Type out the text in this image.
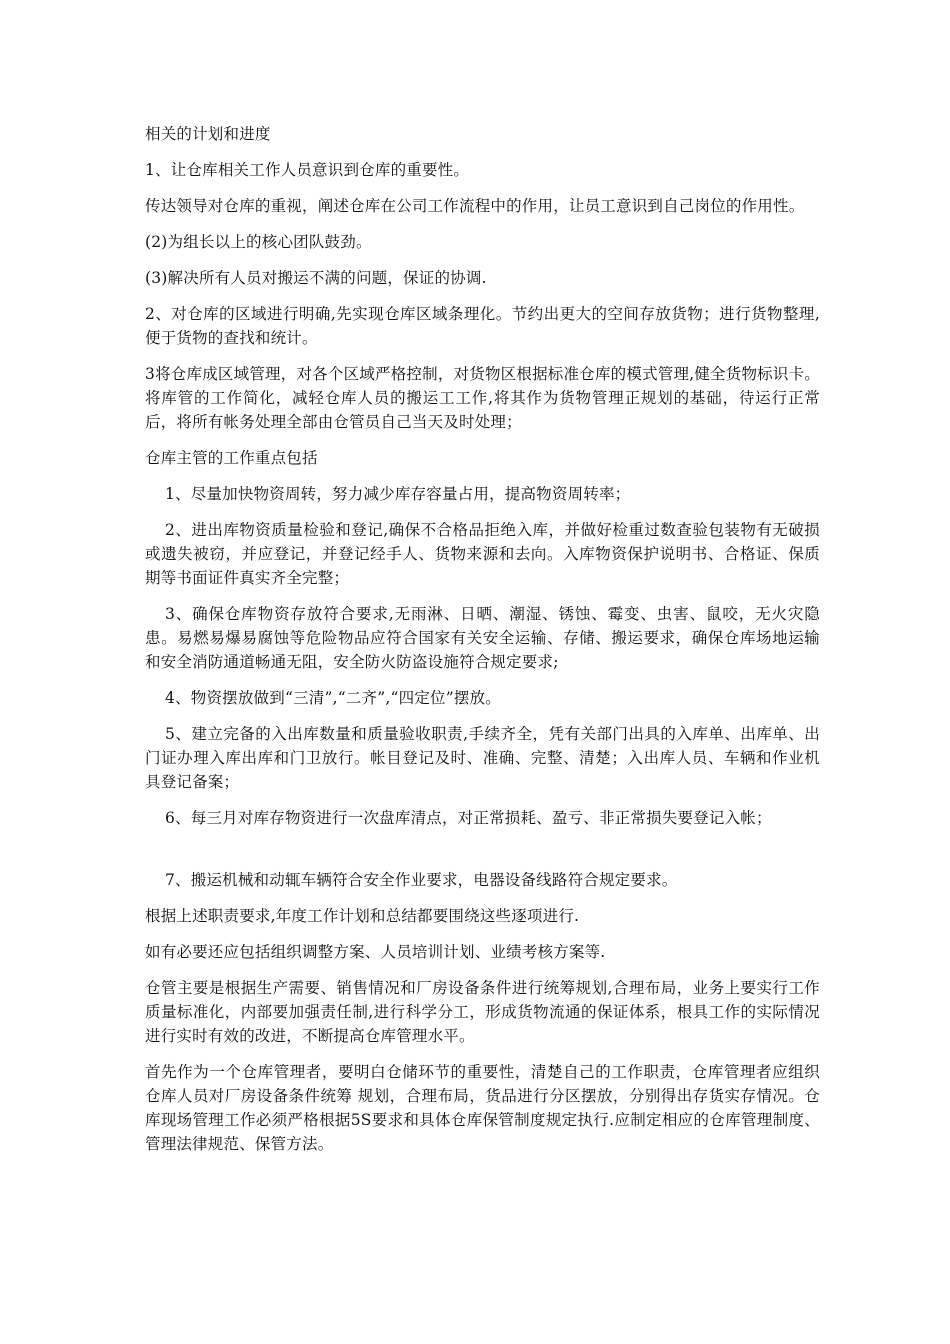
相关的计划和进度

1、让仓库相关工作人员意识到仓库的重要性。

传达领导对仓库的重视，阐述仓库在公司工作流程中的作用，让员工意识到自己岗位的作用性。

(2)为组长以上的核心团队鼓劲。

(3)解决所有人员对搬运不满的问题，保证的协调.

2、对仓库的区域进行明确,先实现仓库区域条理化。节约出更大的空间存放货物；进行货物整理,便于货物的查找和统计。

3将仓库成区域管理，对各个区域严格控制，对货物区根据标准仓库的模式管理,健全货物标识卡。将库管的工作简化，减轻仓库人员的搬运工工作,将其作为货物管理正规划的基础，待运行正常后，将所有帐务处理全部由仓管员自己当天及时处理；

仓库主管的工作重点包括

1、尽量加快物资周转，努力减少库存容量占用，提高物资周转率；

2、进出库物资质量检验和登记,确保不合格品拒绝入库，并做好检重过数查验包装物有无破损或遗失被窃，并应登记，并登记经手人、货物来源和去向。入库物资保护说明书、合格证、保质期等书面证件真实齐全完整；

3、确保仓库物资存放符合要求,无雨淋、日晒、潮湿、锈蚀、霉变、虫害、鼠咬，无火灾隐患。易燃易爆易腐蚀等危险物品应符合国家有关安全运输、存储、搬运要求，确保仓库场地运输和安全消防通道畅通无阻，安全防火防盗设施符合规定要求;

4、物资摆放做到“三清”,“二齐”,“四定位”摆放。

5、建立完备的入出库数量和质量验收职责,手续齐全，凭有关部门出具的入库单、出库单、出门证办理入库出库和门卫放行。帐目登记及时、准确、完整、清楚；入出库人员、车辆和作业机具登记备案；

6、每三月对库存物资进行一次盘库清点，对正常损耗、盈亏、非正常损失要登记入帐；

7、搬运机械和动辄车辆符合安全作业要求，电器设备线路符合规定要求。

根据上述职责要求,年度工作计划和总结都要围绕这些逐项进行.

如有必要还应包括组织调整方案、人员培训计划、业绩考核方案等.

仓管主要是根据生产需要、销售情况和厂房设备条件进行统筹规划,合理布局，业务上要实行工作质量标准化，内部要加强责任制,进行科学分工，形成货物流通的保证体系，根具工作的实际情况进行实时有效的改进，不断提高仓库管理水平。

首先作为一个仓库管理者，要明白仓储环节的重要性，清楚自己的工作职责，仓库管理者应组织仓库人员对厂房设备条件统筹 规划，合理布局，货品进行分区摆放，分别得出存货实存情况。仓库现场管理工作必须严格根据5S要求和具体仓库保管制度规定执行.应制定相应的仓库管理制度、管理法律规范、保管方法。
